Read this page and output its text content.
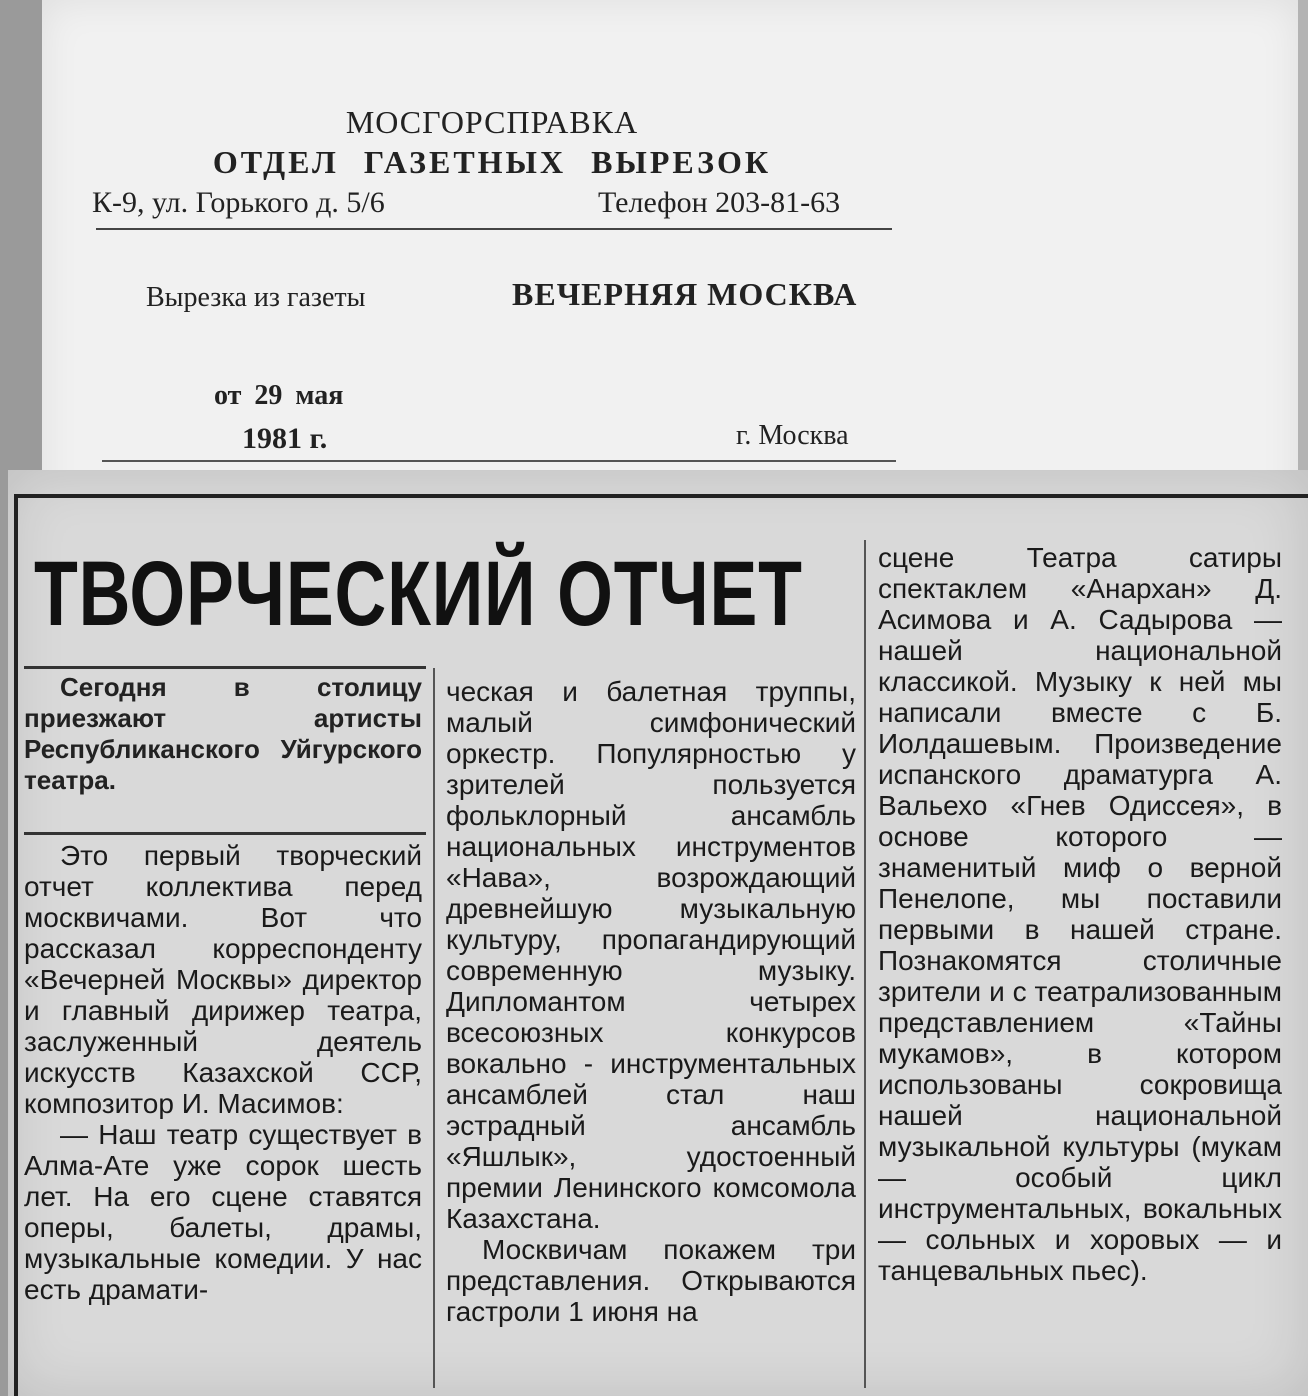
МОСГОРСПРАВКА
ОТДЕЛ ГАЗЕТНЫХ ВЫРЕЗОК
К-9, ул. Горького д. 5/6	Телефон 203-81-63
Вырезка из газеты	ВЕЧЕРНЯЯ МОСКВА
от 29 мая
1981 г.	г. Москва
ТВОРЧЕСКИЙ ОТЧЕТ
Сегодня в столицу приезжают артисты Республиканского Уйгурского театра.

Это первый творческий отчет коллектива перед москвичами. Вот что рассказал корреспонденту «Вечерней Москвы» директор и главный дирижер театра, заслуженный деятель искусств Казахской ССР, композитор И. Масимов:

— Наш театр существует в Алма-Ате уже сорок шесть лет. На его сцене ставятся оперы, балеты, драмы, музыкальные комедии. У нас есть драмати-

ческая и балетная труппы, малый симфонический оркестр. Популярностью у зрителей пользуется фольклорный ансамбль национальных инструментов «Нава», возрождающий древнейшую музыкальную культуру, пропагандирующий современную музыку. Дипломантом четырех всесоюзных конкурсов вокально - инструментальных ансамблей стал наш эстрадный ансамбль «Яшлык», удостоенный премии Ленинского комсомола Казахстана.

Москвичам покажем три представления. Открываются гастроли 1 июня на

сцене Театра сатиры спектаклем «Анархан» Д. Асимова и А. Садырова — нашей национальной классикой. Музыку к ней мы написали вместе с Б. Иолдашевым. Произведение испанского драматурга А. Вальехо «Гнев Одиссея», в основе которого — знаменитый миф о верной Пенелопе, мы поставили первыми в нашей стране. Познакомятся столичные зрители и с театрализованным представлением «Тайны мукамов», в котором использованы сокровища нашей национальной музыкальной культуры (мукам — особый цикл инструментальных, вокальных — сольных и хоровых — и танцевальных пьес).
